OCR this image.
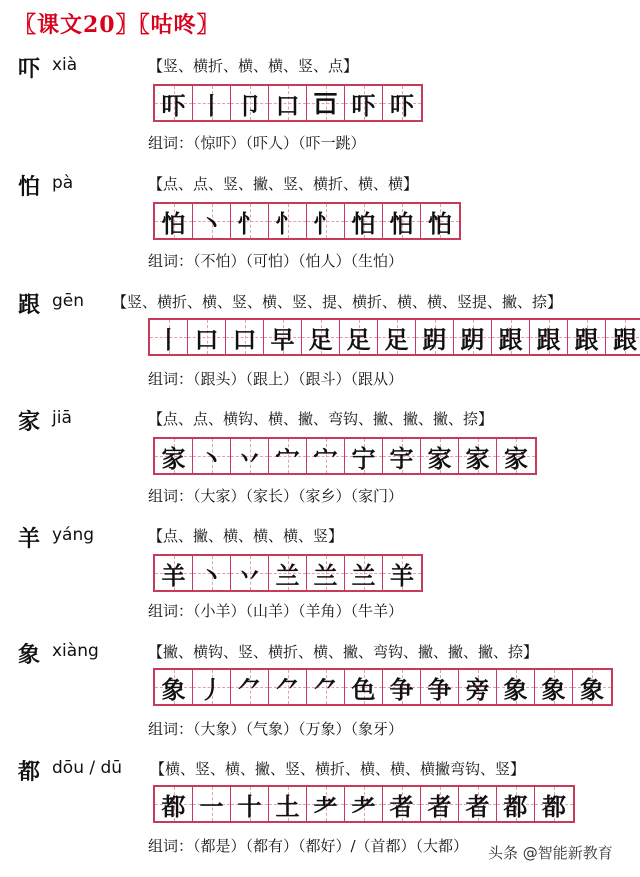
〖课文20〗〖咕咚〗
吓 xià	【竖、横折、横、横、竖、点】
吓 丨 卩 口 𠮛 吓 吓
组词：（惊吓）（吓人）（吓一跳）
怕 pà	【点、点、竖、撇、竖、横折、横、横】
怕 丶 忄 忄 忄 怕 怕 怕
组词：（不怕）（可怕）（怕人）（生怕）
跟 gēn 【竖、横折、横、竖、横、竖、提、横折、横、横、竖提、撇、捺】
丨 口 口 早 足 足 足 跀 跀 跟 跟 跟 跟
组词：（跟头）（跟上）（跟斗）（跟从）
家 jiā	【点、点、横钩、横、撇、弯钩、撇、撇、撇、捺】
家 丶 丷 宀 宀 宁 宇 家 家 家
组词：（大家）（家长）（家乡）（家门）
羊 yáng	【点、撇、横、横、横、竖】
羊 丶 丷 兰 兰 兰 羊
组词：（小羊）（山羊）（羊角）（牛羊）
象 xiàng	【撇、横钩、竖、横折、横、撇、弯钩、撇、撇、撇、捺】
象 丿 ⺈ ⺈ ⺈ 色 争 争 旁 象 象 象
组词：（大象）（气象）（万象）（象牙）
都 dōu / dū 【横、竖、横、撇、竖、横折、横、横、横撇弯钩、竖】
都 一 十 土 耂 耂 者 者 者 都 都
组词：（都是）（都有）（都好）/（首都）（大都） 头条 @智能新教育
